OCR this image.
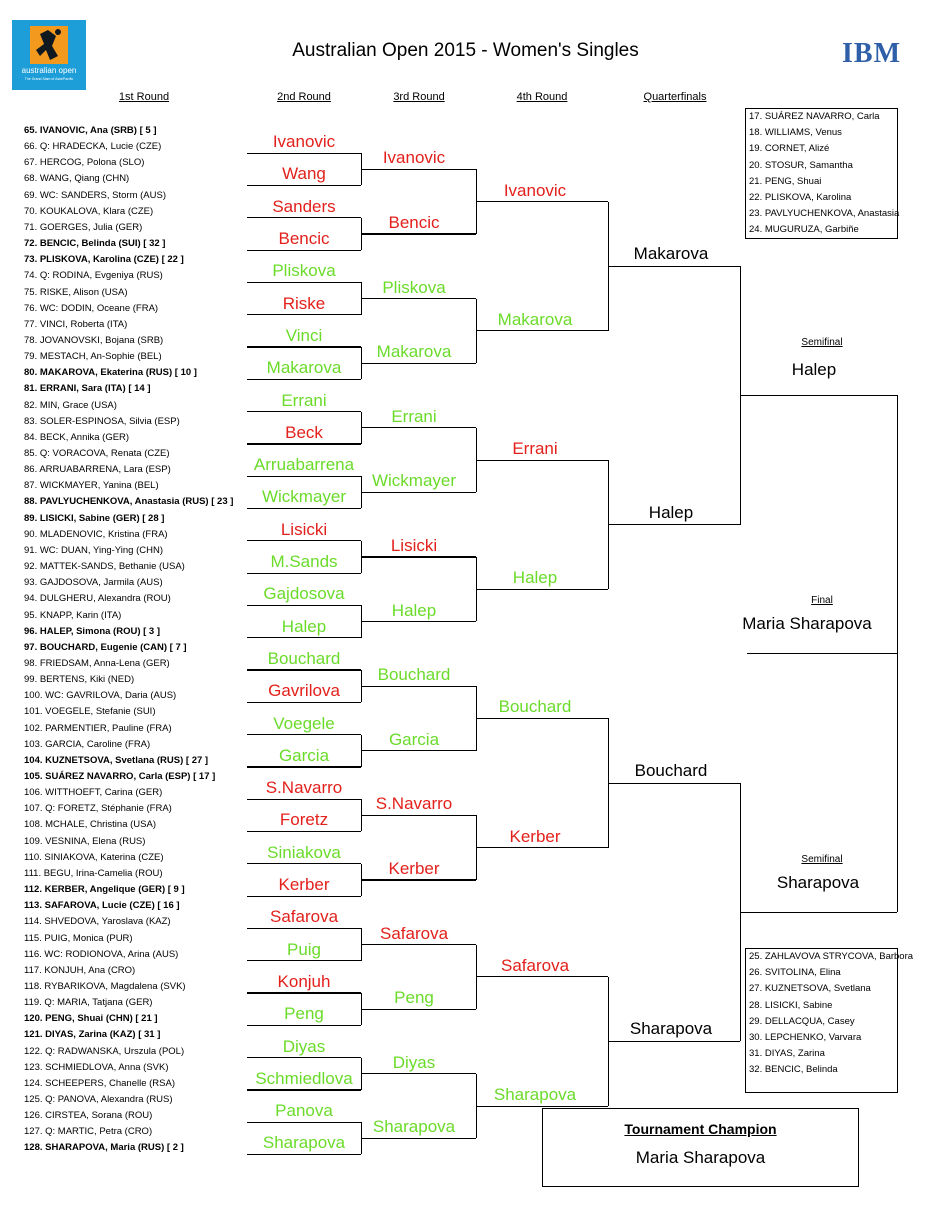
australian open
The Grand Slam of Asia/Pacific
IBM
Australian Open 2015 - Women's Singles
1st Round	2nd Round	3rd Round	4th Round	Quarterfinals
65. IVANOVIC, Ana (SRB) [ 5 ]
66. Q: HRADECKA, Lucie (CZE)
67. HERCOG, Polona (SLO)
68. WANG, Qiang (CHN)
69. WC: SANDERS, Storm (AUS)
70. KOUKALOVA, Klara (CZE)
71. GOERGES, Julia (GER)
72. BENCIC, Belinda (SUI) [ 32 ]
73. PLISKOVA, Karolina (CZE) [ 22 ]
74. Q: RODINA, Evgeniya (RUS)
75. RISKE, Alison (USA)
76. WC: DODIN, Oceane (FRA)
77. VINCI, Roberta (ITA)
78. JOVANOVSKI, Bojana (SRB)
79. MESTACH, An-Sophie (BEL)
80. MAKAROVA, Ekaterina (RUS) [ 10 ]
81. ERRANI, Sara (ITA) [ 14 ]
82. MIN, Grace (USA)
83. SOLER-ESPINOSA, Silvia (ESP)
84. BECK, Annika (GER)
85. Q: VORACOVA, Renata (CZE)
86. ARRUABARRENA, Lara (ESP)
87. WICKMAYER, Yanina (BEL)
88. PAVLYUCHENKOVA, Anastasia (RUS) [ 23 ]
89. LISICKI, Sabine (GER) [ 28 ]
90. MLADENOVIC, Kristina (FRA)
91. WC: DUAN, Ying-Ying (CHN)
92. MATTEK-SANDS, Bethanie (USA)
93. GAJDOSOVA, Jarmila (AUS)
94. DULGHERU, Alexandra (ROU)
95. KNAPP, Karin (ITA)
96. HALEP, Simona (ROU) [ 3 ]
97. BOUCHARD, Eugenie (CAN) [ 7 ]
98. FRIEDSAM, Anna-Lena (GER)
99. BERTENS, Kiki (NED)
100. WC: GAVRILOVA, Daria (AUS)
101. VOEGELE, Stefanie (SUI)
102. PARMENTIER, Pauline (FRA)
103. GARCIA, Caroline (FRA)
104. KUZNETSOVA, Svetlana (RUS) [ 27 ]
105. SUÁREZ NAVARRO, Carla (ESP) [ 17 ]
106. WITTHOEFT, Carina (GER)
107. Q: FORETZ, Stéphanie (FRA)
108. MCHALE, Christina (USA)
109. VESNINA, Elena (RUS)
110. SINIAKOVA, Katerina (CZE)
111. BEGU, Irina-Camelia (ROU)
112. KERBER, Angelique (GER) [ 9 ]
113. SAFAROVA, Lucie (CZE) [ 16 ]
114. SHVEDOVA, Yaroslava (KAZ)
115. PUIG, Monica (PUR)
116. WC: RODIONOVA, Arina (AUS)
117. KONJUH, Ana (CRO)
118. RYBARIKOVA, Magdalena (SVK)
119. Q: MARIA, Tatjana (GER)
120. PENG, Shuai (CHN) [ 21 ]
121. DIYAS, Zarina (KAZ) [ 31 ]
122. Q: RADWANSKA, Urszula (POL)
123. SCHMIEDLOVA, Anna (SVK)
124. SCHEEPERS, Chanelle (RSA)
125. Q: PANOVA, Alexandra (RUS)
126. CIRSTEA, Sorana (ROU)
127. Q: MARTIC, Petra (CRO)
128. SHARAPOVA, Maria (RUS) [ 2 ]
Ivanovic
Wang
Sanders
Bencic
Pliskova
Riske
Vinci
Makarova
Errani
Beck
Arruabarrena
Wickmayer
Lisicki
M.Sands
Gajdosova
Halep
Bouchard
Gavrilova
Voegele
Garcia
S.Navarro
Foretz
Siniakova
Kerber
Safarova
Puig
Konjuh
Peng
Diyas
Schmiedlova
Panova
Sharapova
Ivanovic
Bencic
Pliskova
Makarova
Errani
Wickmayer
Lisicki
Halep
Bouchard
Garcia
S.Navarro
Kerber
Safarova
Peng
Diyas
Sharapova
Ivanovic
Makarova
Errani
Halep
Bouchard
Kerber
Safarova
Sharapova
Makarova
Halep
Bouchard
Sharapova
17. SUÁREZ NAVARRO, Carla
18. WILLIAMS, Venus
19. CORNET, Alizé
20. STOSUR, Samantha
21. PENG, Shuai
22. PLISKOVA, Karolina
23. PAVLYUCHENKOVA, Anastasia
24. MUGURUZA, Garbiñe
25. ZAHLAVOVA STRYCOVA, Barbora
26. SVITOLINA, Elina
27. KUZNETSOVA, Svetlana
28. LISICKI, Sabine
29. DELLACQUA, Casey
30. LEPCHENKO, Varvara
31. DIYAS, Zarina
32. BENCIC, Belinda
Semifinal
Halep
Final
Maria Sharapova
Semifinal
Sharapova
Tournament Champion
Maria Sharapova
